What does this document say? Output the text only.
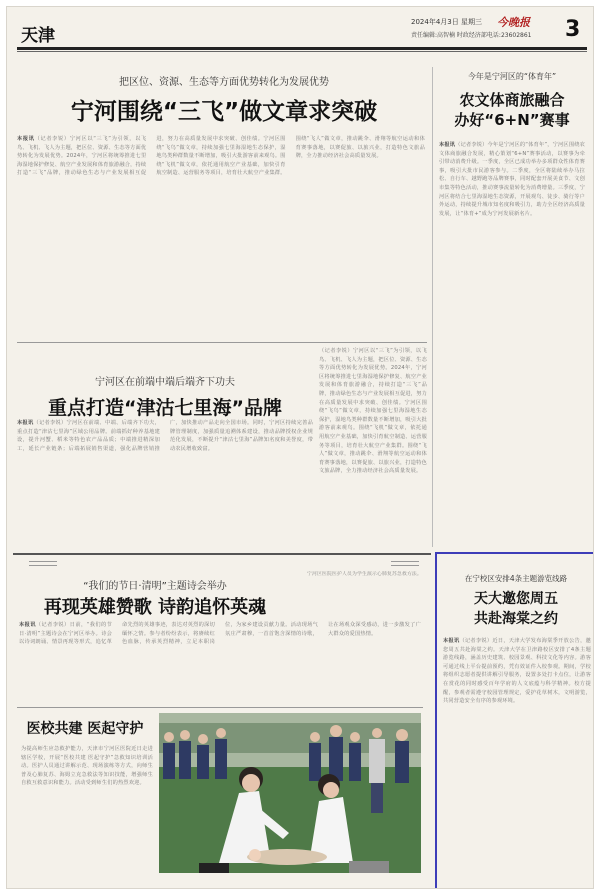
天津
2024年4月3日 星期三 今晚报
责任编辑:高智楠 时政经济部电话:23602861 3
把区位、资源、生态等方面优势转化为发展优势
宁河围绕“三飞”做文章求突破
本报讯（记者李锐）宁河区以“三飞”为引领，以飞鸟、飞机、飞人为主题，把区位、资源、生态等方面优势转化为发展优势。2024年，宁河区将统筹推进七里海湿地保护修复、航空产业发展和体育旅游融合，持续打造“三飞”品牌，推动绿色生态与产业发展相互促进，努力在高质量发展中求突破、创佳绩。宁河区围绕“飞鸟”做文章，持续加强七里海湿地生态保护，湿地鸟类种群数量不断增加，吸引大批游客前来观鸟。围绕“飞机”做文章，依托通用航空产业基础，加快引育航空制造、运营服务等项目，培育壮大航空产业集群。围绕“飞人”做文章，推动跳伞、滑翔等航空运动和体育赛事落地，以赛促旅、以旅兴业，打造特色文旅品牌，全力推动经济社会高质量发展。
今年是宁河区的“体育年”
农文体商旅融合
办好“6+N”赛事
本报讯（记者李锐）今年是宁河区的“体育年”，宁河区围绕农文体商旅融合发展，精心策划“6+N”赛事活动，以赛事为牵引带动消费升级。一季度，全区已成功举办多项群众性体育赛事，吸引大批市民游客参与。二季度，全区将陆续举办马拉松、自行车、越野跑等品牌赛事，同时配套开展美食节、文创市集等特色活动，推动赛事流量转化为消费增量。三季度，宁河区将结合七里海湿地生态资源，开展观鸟、徒步、骑行等户外运动，持续提升城市知名度和吸引力，助力全区经济高质量发展，让“体育+”成为宁河发展新名片。
宁河区在前端中端后端齐下功夫
重点打造“津沽七里海”品牌
本报讯（记者李锐）宁河区在前端、中端、后端齐下功夫，重点打造“津沽七里海”区域公用品牌。前端抓好种养基地建设，提升河蟹、稻米等特色农产品品质；中端推进精深加工，延长产业链条；后端拓展销售渠道，强化品牌营销推广，加快推动产品走向全国市场。同时，宁河区持续完善品牌管理制度，加强质量追溯体系建设，推动品牌授权企业规范化发展，不断提升“津沽七里海”品牌知名度和美誉度，带动农民增收致富。
（记者李锐）宁河区以“三飞”为引领，以飞鸟、飞机、飞人为主题，把区位、资源、生态等方面优势转化为发展优势。2024年，宁河区将统筹推进七里海湿地保护修复、航空产业发展和体育旅游融合，持续打造“三飞”品牌，推动绿色生态与产业发展相互促进，努力在高质量发展中求突破、创佳绩。宁河区围绕“飞鸟”做文章，持续加强七里海湿地生态保护，湿地鸟类种群数量不断增加，吸引大批游客前来观鸟。围绕“飞机”做文章，依托通用航空产业基础，加快引育航空制造、运营服务等项目，培育壮大航空产业集群。围绕“飞人”做文章，推动跳伞、滑翔等航空运动和体育赛事落地，以赛促旅、以旅兴业，打造特色文旅品牌，全力推动经济社会高质量发展。
“我们的节日·清明”主题诗会举办
再现英雄赞歌 诗韵追怀英魂
本报讯（记者李锐）日前，“我们的节日·清明”主题诗会在宁河区举办。诗会以诗词朗诵、情景再现等形式，追忆革命先烈的英雄事迹，表达对英烈的深切缅怀之情。参与者纷纷表示，将赓续红色血脉，传承英烈精神，立足本职岗位，为家乡建设贡献力量。活动现场气氛庄严肃穆，一首首饱含深情的诗歌，让在场观众深受感动，进一步激发了广大群众的爱国热情。
医校共建 医起守护
为提高师生应急救护能力，天津市宁河区医院近日走进辖区学校，开展“医校共建 医起守护”急救知识培训活动。医护人员通过讲解示范、现场演练等方式，向师生普及心肺复苏、海姆立克急救法等知识技能，增强师生自救互救意识和能力。活动受到师生们的热烈欢迎。
在宁校区安排4条主题游览线路
天大邀您周五
共赴海棠之约
本报讯（记者李锐）近日，天津大学发布海棠季开放公告，邀您周五共赴海棠之约。天津大学在卫津路校区安排了4条主题游览线路，涵盖历史建筑、校园景观、科技文化等内容。游客可通过线上平台提前预约，凭有效证件入校参观。期间，学校将组织志愿者提供讲解引导服务，设置多处打卡点位，让游客在赏花的同时感受百年学府的人文底蕴与科学精神。校方提醒，参观者需遵守校园管理规定，爱护花草树木，文明游览，共同营造安全有序的参观环境。
宁河区医院医护人员为学生演示心肺复苏急救方法。
